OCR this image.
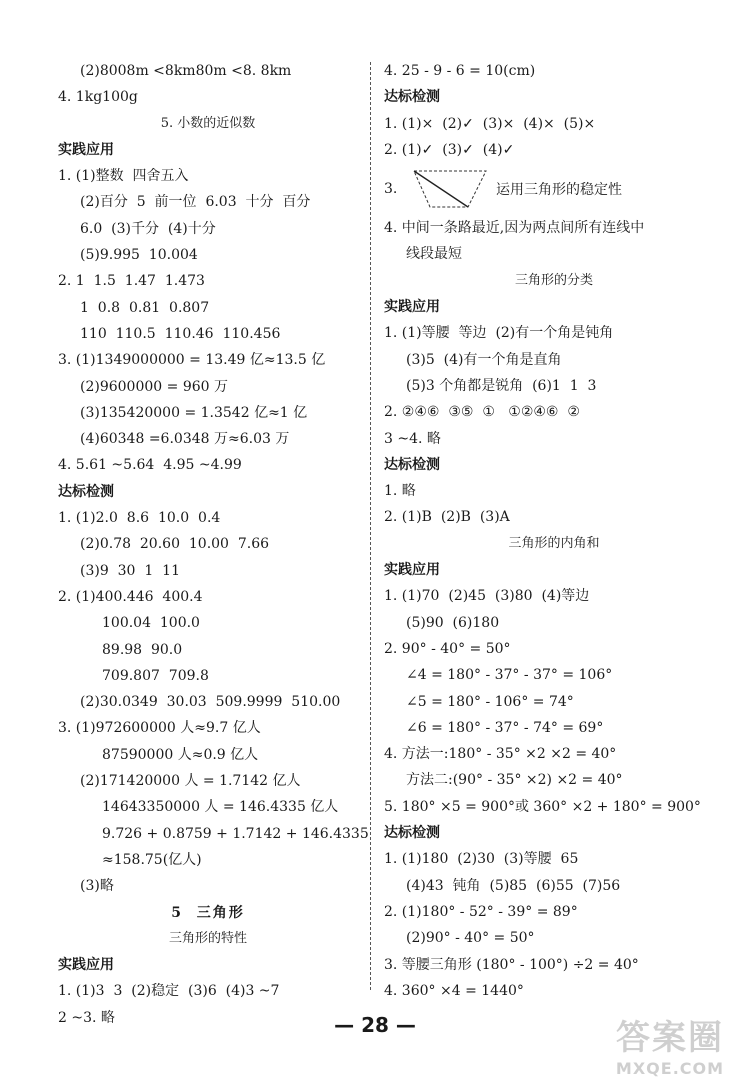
(2)8008m <8km80m <8. 8km
4. 1kg100g
5. 小数的近似数
实践应用
1. (1)整数  四舍五入
(2)百分  5  前一位  6.03  十分  百分
6.0  (3)千分  (4)十分
(5)9.995  10.004
2. 1  1.5  1.47  1.473
1  0.8  0.81  0.807
110  110.5  110.46  110.456
3. (1)1349000000 = 13.49 亿≈13.5 亿
(2)9600000 = 960 万
(3)135420000 = 1.3542 亿≈1 亿
(4)60348 =6.0348 万≈6.03 万
4. 5.61 ~5.64  4.95 ~4.99
达标检测
1. (1)2.0  8.6  10.0  0.4
(2)0.78  20.60  10.00  7.66
(3)9  30  1  11
2. (1)400.446  400.4
100.04  100.0
89.98  90.0
709.807  709.8
(2)30.0349  30.03  509.9999  510.00
3. (1)972600000 人≈9.7 亿人
87590000 人≈0.9 亿人
(2)171420000 人 = 1.7142 亿人
14643350000 人 = 146.4335 亿人
9.726 + 0.8759 + 1.7142 + 146.4335
≈158.75(亿人)
(3)略
5  三角形
三角形的特性
实践应用
1. (1)3  3  (2)稳定  (3)6  (4)3 ~7
2 ~3. 略
4. 25 - 9 - 6 = 10(cm)
达标检测
1. (1)×  (2)✓  (3)×  (4)×  (5)×
2. (1)✓  (3)✓  (4)✓
3.	运用三角形的稳定性
4. 中间一条路最近,因为两点间所有连线中
线段最短
三角形的分类
实践应用
1. (1)等腰  等边  (2)有一个角是钝角
(3)5  (4)有一个角是直角
(5)3 个角都是锐角  (6)1  1  3
2. ②④⑥  ③⑤  ①   ①②④⑥  ②
3 ~4. 略
达标检测
1. 略
2. (1)B  (2)B  (3)A
三角形的内角和
实践应用
1. (1)70  (2)45  (3)80  (4)等边
(5)90  (6)180
2. 90° - 40° = 50°
∠4 = 180° - 37° - 37° = 106°
∠5 = 180° - 106° = 74°
∠6 = 180° - 37° - 74° = 69°
4. 方法一:180° - 35° ×2 ×2 = 40°
方法二:(90° - 35° ×2) ×2 = 40°
5. 180° ×5 = 900°或 360° ×2 + 180° = 900°
达标检测
1. (1)180  (2)30  (3)等腰  65
(4)43  钝角  (5)85  (6)55  (7)56
2. (1)180° - 52° - 39° = 89°
(2)90° - 40° = 50°
3. 等腰三角形 (180° - 100°) ÷2 = 40°
4. 360° ×4 = 1440°
— 28 —	答案圈
MXQE.COM
